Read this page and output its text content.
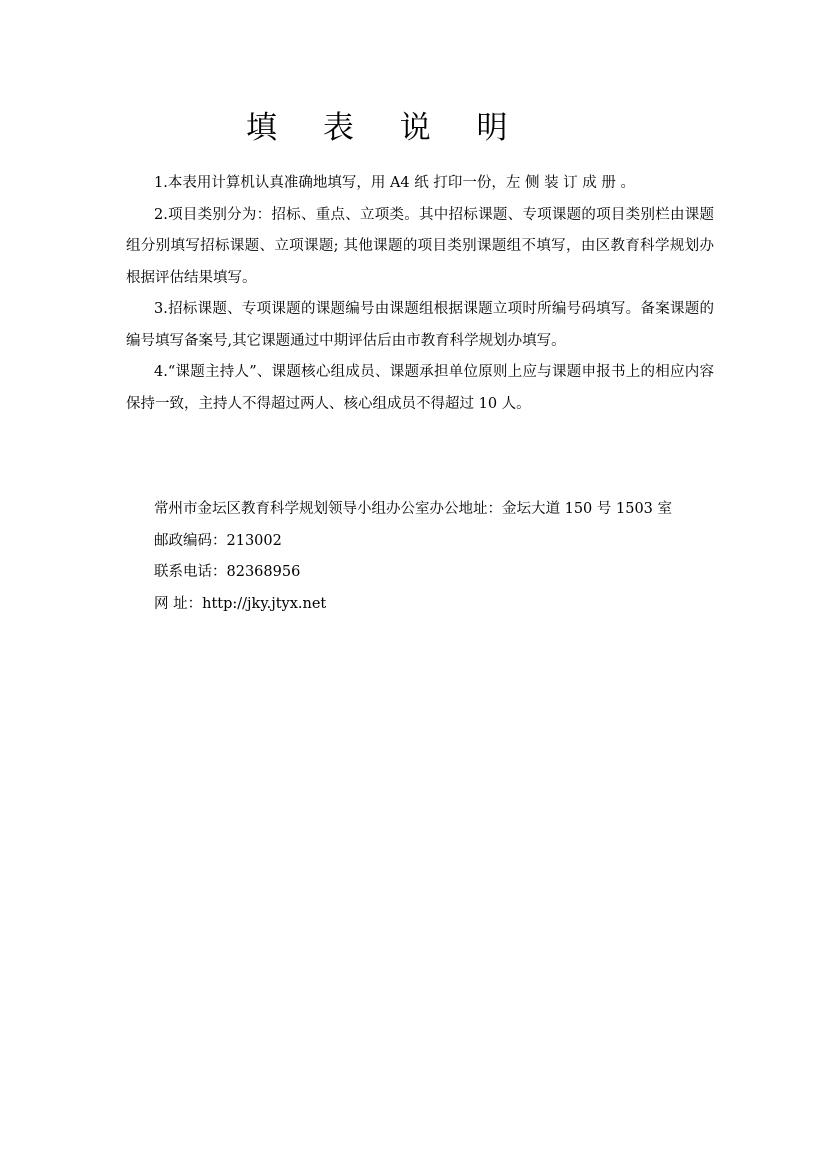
填 表 说 明

1.本表用计算机认真准确地填写，用 A4 纸 打印一份，左 侧 装 订 成 册 。

2.项目类别分为：招标、重点、立项类。其中招标课题、专项课题的项目类别栏由课题组分别填写招标课题、立项课题; 其他课题的项目类别课题组不填写，由区教育科学规划办根据评估结果填写。

3.招标课题、专项课题的课题编号由课题组根据课题立项时所编号码填写。备案课题的编号填写备案号,其它课题通过中期评估后由市教育科学规划办填写。

4.“课题主持人”、课题核心组成员、课题承担单位原则上应与课题申报书上的相应内容保持一致，主持人不得超过两人、核心组成员不得超过 10 人。

常州市金坛区教育科学规划领导小组办公室办公地址：金坛大道 150 号 1503 室

邮政编码：213002

联系电话：82368956

网 址：http://jky.jtyx.net
